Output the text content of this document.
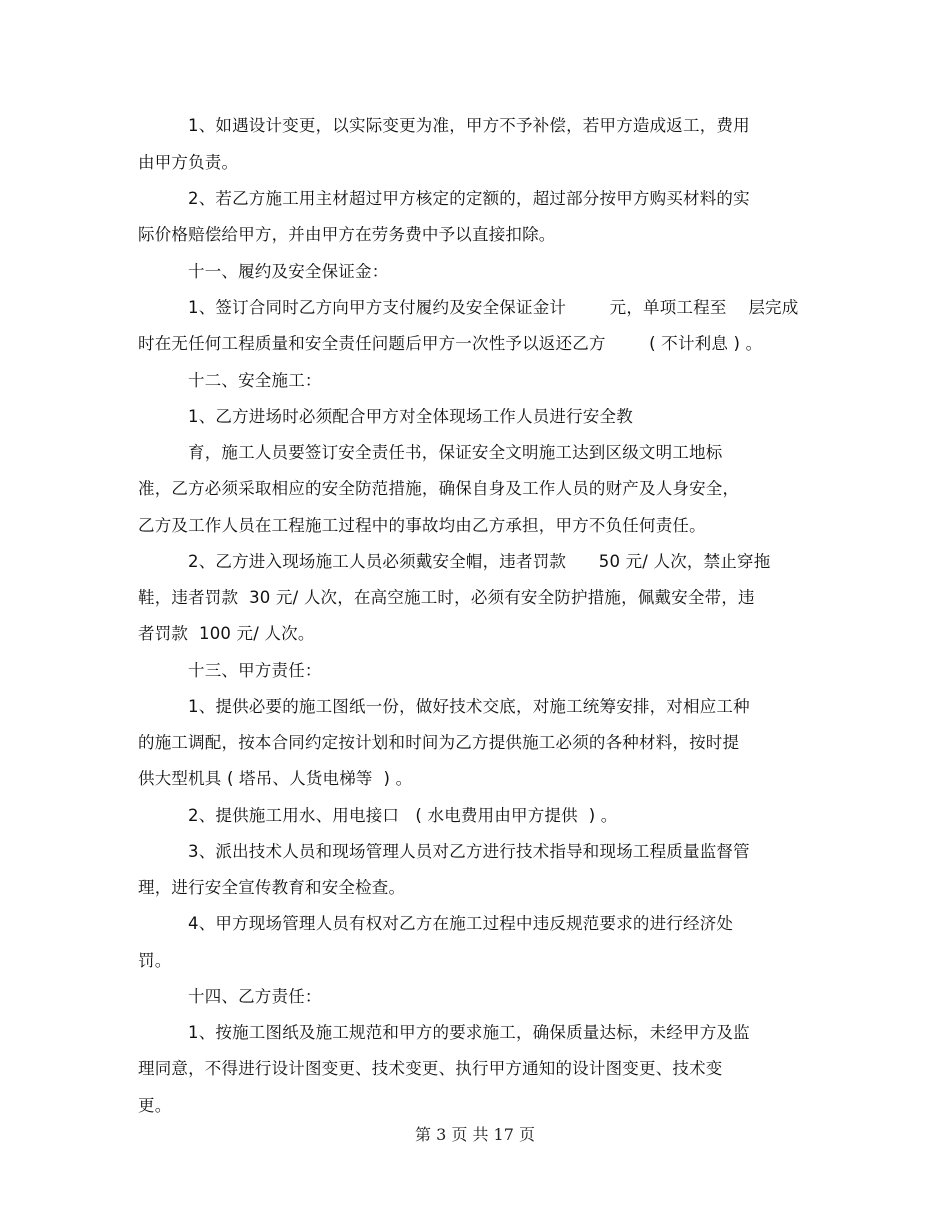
1、如遇设计变更，以实际变更为准，甲方不予补偿，若甲方造成返工，费用
由甲方负责。
2、若乙方施工用主材超过甲方核定的定额的，超过部分按甲方购买材料的实
际价格赔偿给甲方，并由甲方在劳务费中予以直接扣除。
十一、履约及安全保证金：
1、签订合同时乙方向甲方支付履约及安全保证金计        元，单项工程至    层完成
时在无任何工程质量和安全责任问题后甲方一次性予以返还乙方        ( 不计利息 ) 。
十二、安全施工：
1、乙方进场时必须配合甲方对全体现场工作人员进行安全教
育，施工人员要签订安全责任书，保证安全文明施工达到区级文明工地标
准，乙方必须采取相应的安全防范措施，确保自身及工作人员的财产及人身安全，
乙方及工作人员在工程施工过程中的事故均由乙方承担，甲方不负任何责任。
2、乙方进入现场施工人员必须戴安全帽，违者罚款      50 元/ 人次，禁止穿拖
鞋，违者罚款  30 元/ 人次，在高空施工时，必须有安全防护措施，佩戴安全带，违
者罚款  100 元/ 人次。
十三、甲方责任：
1、提供必要的施工图纸一份，做好技术交底，对施工统筹安排，对相应工种
的施工调配，按本合同约定按计划和时间为乙方提供施工必须的各种材料，按时提
供大型机具 ( 塔吊、人货电梯等  ) 。
2、提供施工用水、用电接口   ( 水电费用由甲方提供  ) 。
3、派出技术人员和现场管理人员对乙方进行技术指导和现场工程质量监督管
理，进行安全宣传教育和安全检查。
4、甲方现场管理人员有权对乙方在施工过程中违反规范要求的进行经济处
罚。
十四、乙方责任：
1、按施工图纸及施工规范和甲方的要求施工，确保质量达标，未经甲方及监
理同意，不得进行设计图变更、技术变更、执行甲方通知的设计图变更、技术变
更。
第 3 页 共 17 页
